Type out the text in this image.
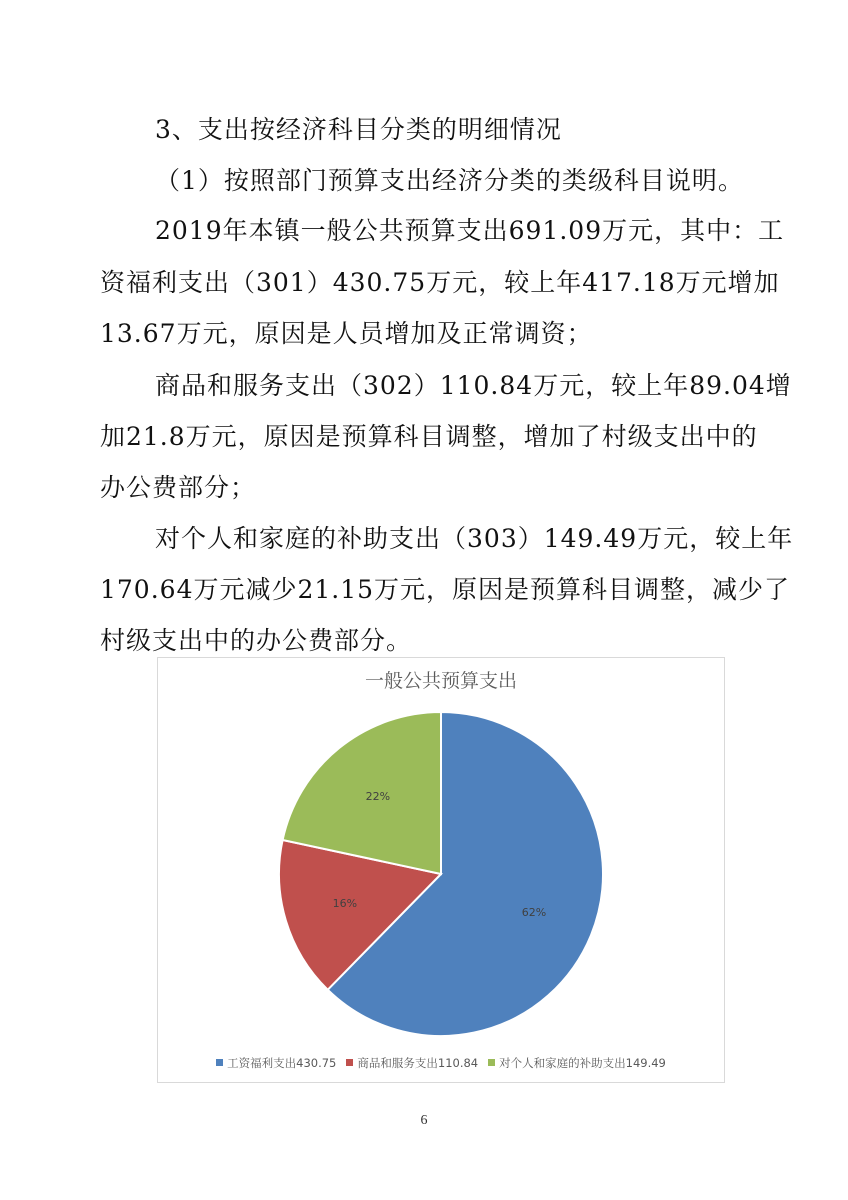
3、支出按经济科目分类的明细情况
（1）按照部门预算支出经济分类的类级科目说明。
2019年本镇一般公共预算支出691.09万元，其中：工
资福利支出（301）430.75万元，较上年417.18万元增加
13.67万元，原因是人员增加及正常调资；
商品和服务支出（302）110.84万元，较上年89.04增
加21.8万元，原因是预算科目调整，增加了村级支出中的
办公费部分；
对个人和家庭的补助支出（303）149.49万元，较上年
170.64万元减少21.15万元，原因是预算科目调整，减少了
村级支出中的办公费部分。
一般公共预算支出
62%
16%
22%
工资福利支出430.75 商品和服务支出110.84 对个人和家庭的补助支出149.49
6
